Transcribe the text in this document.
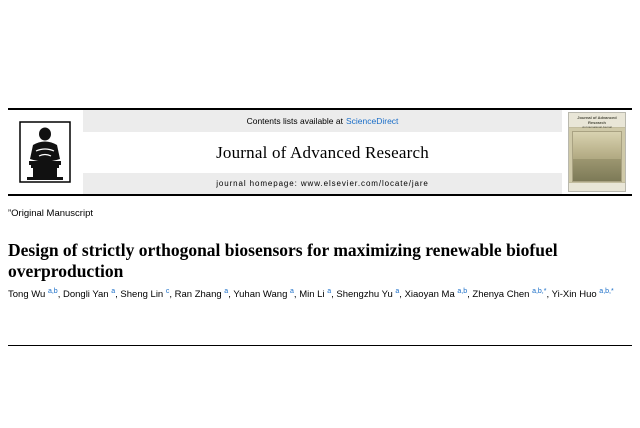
Contents lists available at ScienceDirect
Journal of Advanced Research
journal homepage: www.elsevier.com/locate/jare
Journal of Advanced Research
An International Journal
”Original Manuscript
Design of strictly orthogonal biosensors for maximizing renewable biofuel overproduction
Tong Wu $^{a,b}$, Dongli Yan $^a$, Sheng Lin $^c$, Ran Zhang $^a$, Yuhan Wang $^a$, Min Li $^a$, Shengzhu Yu $^a$, Xiaoyan Ma $^{a,b}$, Zhenya Chen $^{a,b,*}$, Yi-Xin Huo $^{a,b,*}$
